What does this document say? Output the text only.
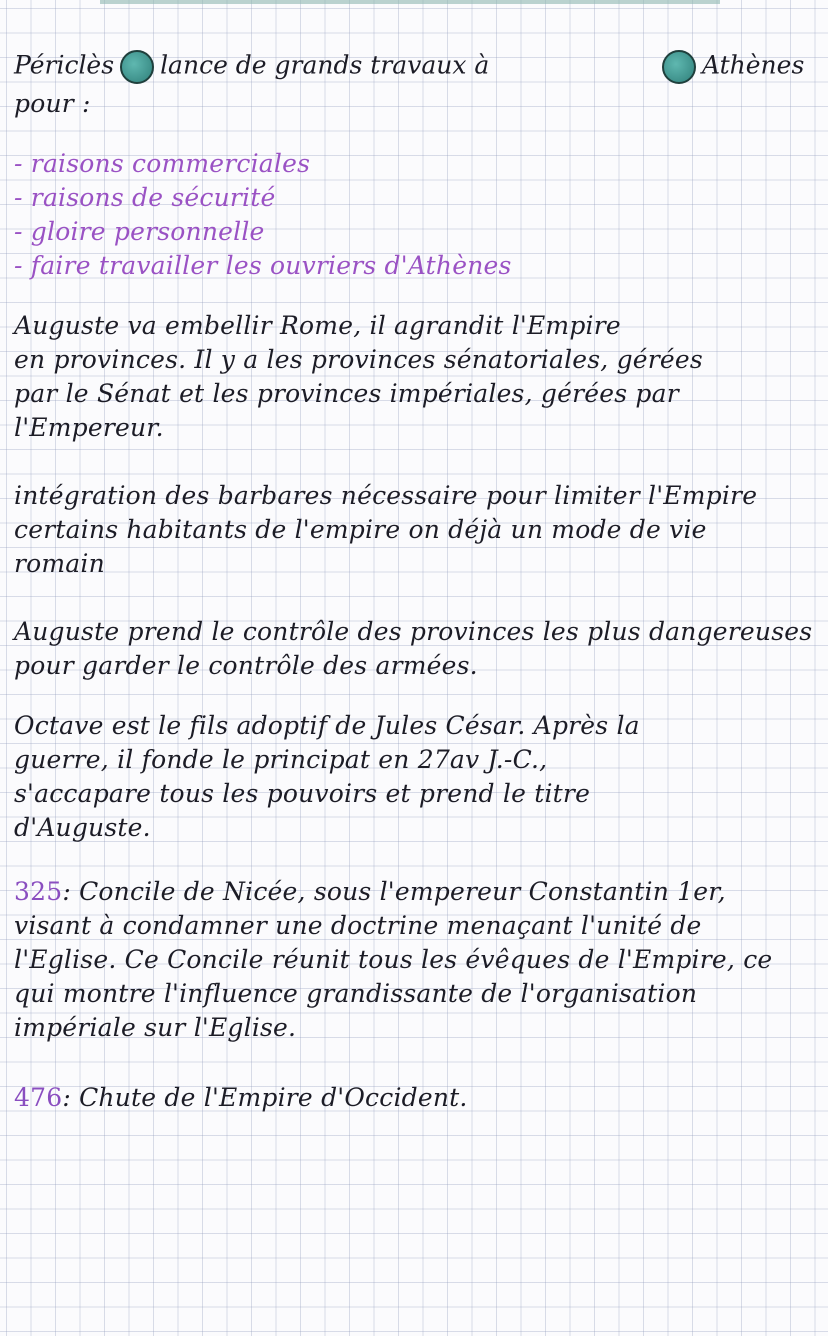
Périclès lance de grands travaux à	Athènes
pour :
- raisons commerciales
- raisons de sécurité
- gloire personnelle
- faire travailler les ouvriers d'Athènes
Auguste va embellir Rome, il agrandit l'Empire
en provinces. Il y a les provinces sénatoriales, gérées
par le Sénat et les provinces impériales, gérées par
l'Empereur.
intégration des barbares nécessaire pour limiter l'Empire
certains habitants de l'empire on déjà un mode de vie
romain
Auguste prend le contrôle des provinces les plus dangereuses
pour garder le contrôle des armées.
Octave est le fils adoptif de Jules César. Après la
guerre, il fonde le principat en 27av J.-C.,
s'accapare tous les pouvoirs et prend le titre
d'Auguste.
325: Concile de Nicée, sous l'empereur Constantin 1er,
visant à condamner une doctrine menaçant l'unité de
l'Eglise. Ce Concile réunit tous les évêques de l'Empire, ce
qui montre l'influence grandissante de l'organisation
impériale sur l'Eglise.
476: Chute de l'Empire d'Occident.
